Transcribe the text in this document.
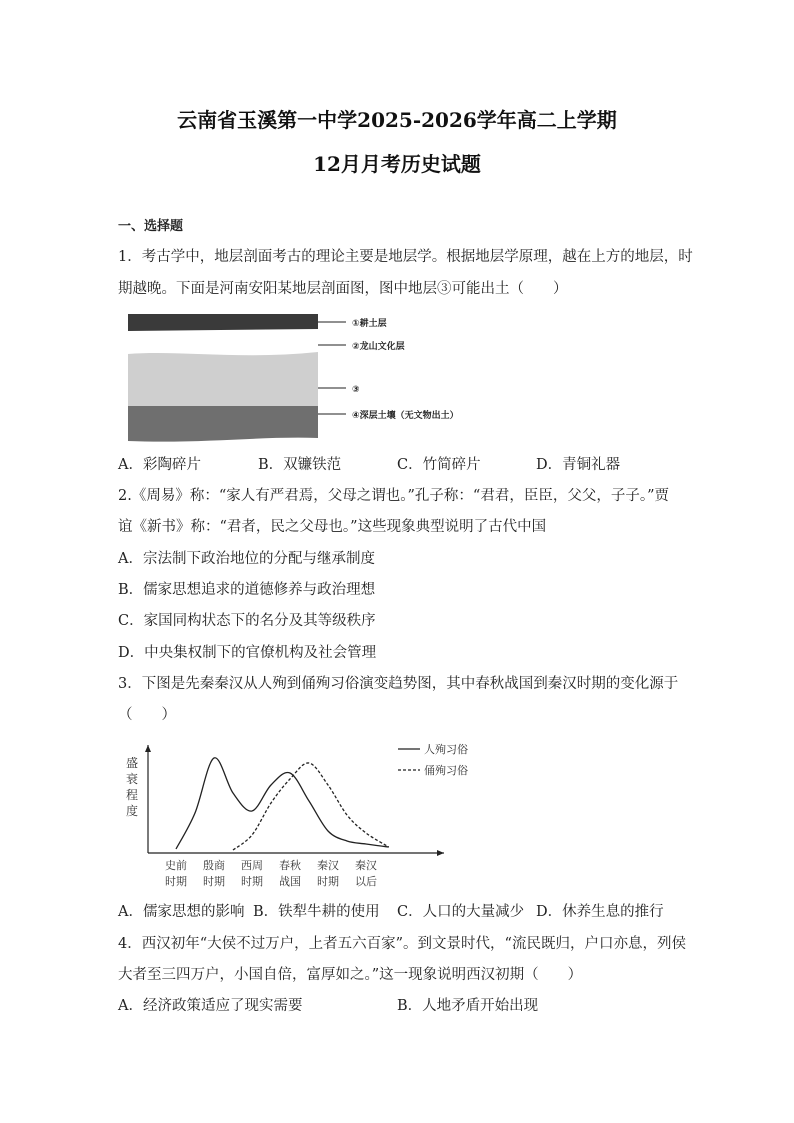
云南省玉溪第一中学2025-2026学年高二上学期
12月月考历史试题
一、选择题
1．考古学中，地层剖面考古的理论主要是地层学。根据地层学原理，越在上方的地层，时
期越晚。下面是河南安阳某地层剖面图，图中地层③可能出土（　　）
①耕土层
②龙山文化层
③
④深层土壤（无文物出土）
A．彩陶碎片	B．双镰铁范	C．竹简碎片	D．青铜礼器
2.《周易》称：“家人有严君焉，父母之谓也。”孔子称：“君君，臣臣，父父，子子。”贾
谊《新书》称：“君者，民之父母也。”这些现象典型说明了古代中国
A．宗法制下政治地位的分配与继承制度
B．儒家思想追求的道德修养与政治理想
C．家国同构状态下的名分及其等级秩序
D．中央集权制下的官僚机构及社会管理
3．下图是先秦秦汉从人殉到俑殉习俗演变趋势图，其中春秋战国到秦汉时期的变化源于
（　　）
盛
衰
程
度
史前
时期
殷商
时期
西周
时期
春秋
战国
秦汉
时期
秦汉
以后
人殉习俗
俑殉习俗
A．儒家思想的影响 B．铁犁牛耕的使用 C．人口的大量减少 D．休养生息的推行
4．西汉初年“大侯不过万户，上者五六百家”。到文景时代，“流民既归，户口亦息，列侯
大者至三四万户，小国自倍，富厚如之。”这一现象说明西汉初期（　　）
A．经济政策适应了现实需要	B．人地矛盾开始出现
